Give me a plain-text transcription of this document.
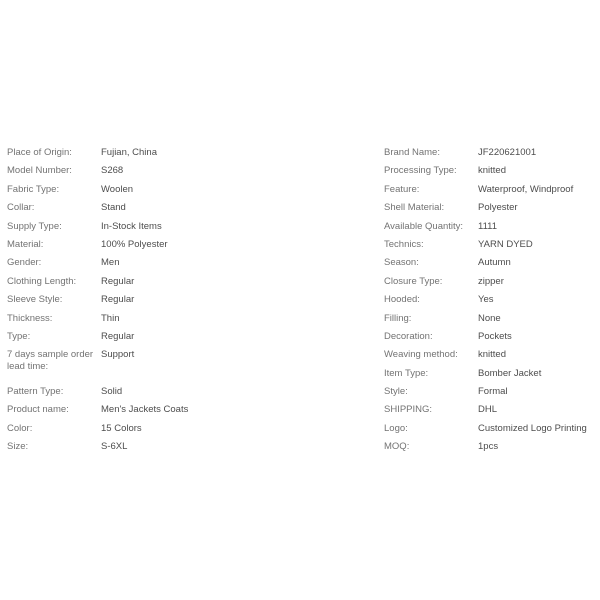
Place of Origin:	Fujian, China
Model Number:	S268
Fabric Type:	Woolen
Collar:	Stand
Supply Type:	In-Stock Items
Material:	100% Polyester
Gender:	Men
Clothing Length:	Regular
Sleeve Style:	Regular
Thickness:	Thin
Type:	Regular
7 days sample order lead time:
Support
Pattern Type:	Solid
Product name:	Men's Jackets Coats
Color:	15 Colors
Size:	S-6XL
Brand Name:	JF220621001
Processing Type:	knitted
Feature:	Waterproof, Windproof
Shell Material:	Polyester
Available Quantity:	1111
Technics:	YARN DYED
Season:	Autumn
Closure Type:	zipper
Hooded:	Yes
Filling:	None
Decoration:	Pockets
Weaving method:	knitted
Item Type:	Bomber Jacket
Style:	Formal
SHIPPING:	DHL
Logo:	Customized Logo Printing
MOQ:	1pcs
